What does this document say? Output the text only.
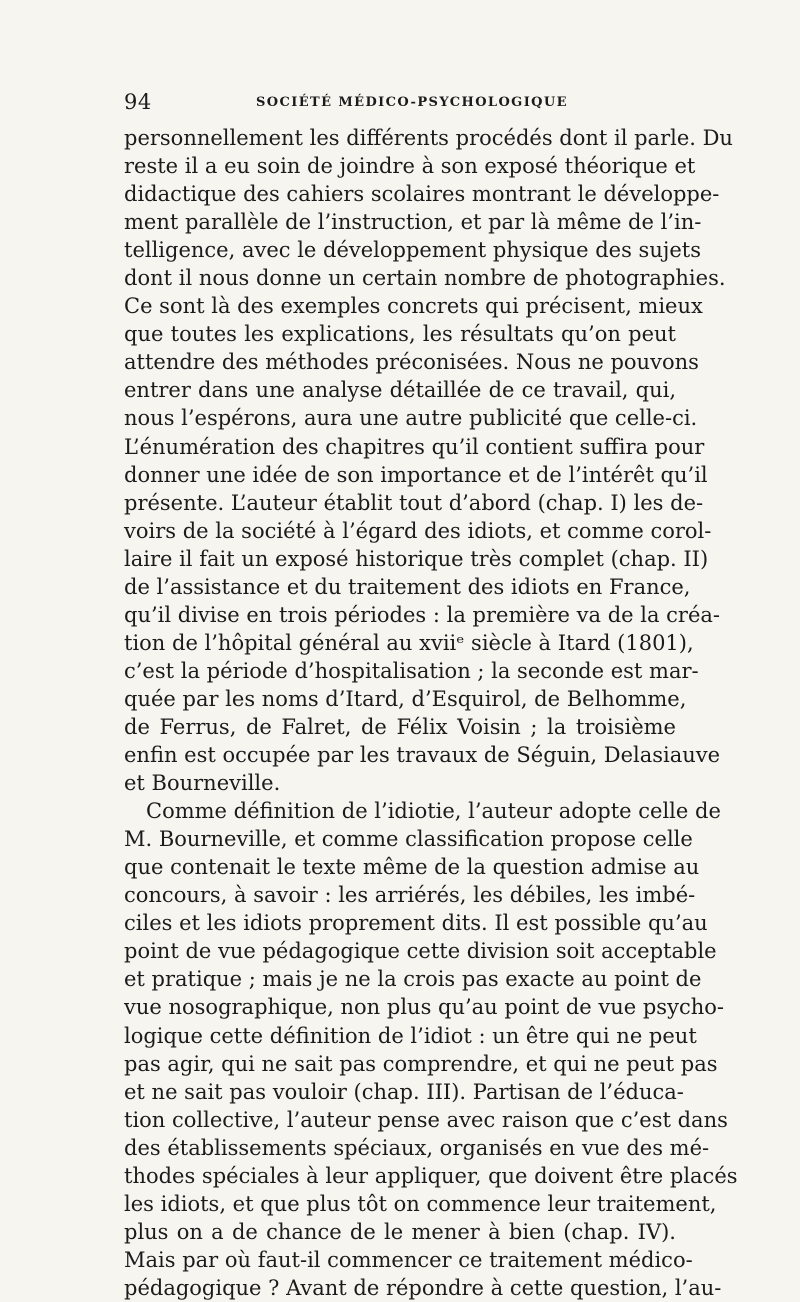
94	SOCIÉTÉ MÉDICO-PSYCHOLOGIQUE
personnellement les différents procédés dont il parle. Du
reste il a eu soin de joindre à son exposé théorique et
didactique des cahiers scolaires montrant le développe-
ment parallèle de l’instruction, et par là même de l’in-
telligence, avec le développement physique des sujets
dont il nous donne un certain nombre de photographies.
Ce sont là des exemples concrets qui précisent, mieux
que toutes les explications, les résultats qu’on peut
attendre des méthodes préconisées. Nous ne pouvons
entrer dans une analyse détaillée de ce travail, qui,
nous l’espérons, aura une autre publicité que celle-ci.
L’énumération des chapitres qu’il contient suffira pour
donner une idée de son importance et de l’intérêt qu’il
présente. L’auteur établit tout d’abord (chap. I) les de-
voirs de la société à l’égard des idiots, et comme corol-
laire il fait un exposé historique très complet (chap. II)
de l’assistance et du traitement des idiots en France,
qu’il divise en trois périodes : la première va de la créa-
tion de l’hôpital général au xviiᵉ siècle à Itard (1801),
c’est la période d’hospitalisation ; la seconde est mar-
quée par les noms d’Itard, d’Esquirol, de Belhomme,
de Ferrus, de Falret, de Félix Voisin ; la troisième
enfin est occupée par les travaux de Séguin, Delasiauve
et Bourneville.
Comme définition de l’idiotie, l’auteur adopte celle de
M. Bourneville, et comme classification propose celle
que contenait le texte même de la question admise au
concours, à savoir : les arriérés, les débiles, les imbé-
ciles et les idiots proprement dits. Il est possible qu’au
point de vue pédagogique cette division soit acceptable
et pratique ; mais je ne la crois pas exacte au point de
vue nosographique, non plus qu’au point de vue psycho-
logique cette définition de l’idiot : un être qui ne peut
pas agir, qui ne sait pas comprendre, et qui ne peut pas
et ne sait pas vouloir (chap. III). Partisan de l’éduca-
tion collective, l’auteur pense avec raison que c’est dans
des établissements spéciaux, organisés en vue des mé-
thodes spéciales à leur appliquer, que doivent être placés
les idiots, et que plus tôt on commence leur traitement,
plus on a de chance de le mener à bien (chap. IV).
Mais par où faut-il commencer ce traitement médico-
pédagogique ? Avant de répondre à cette question, l’au-
